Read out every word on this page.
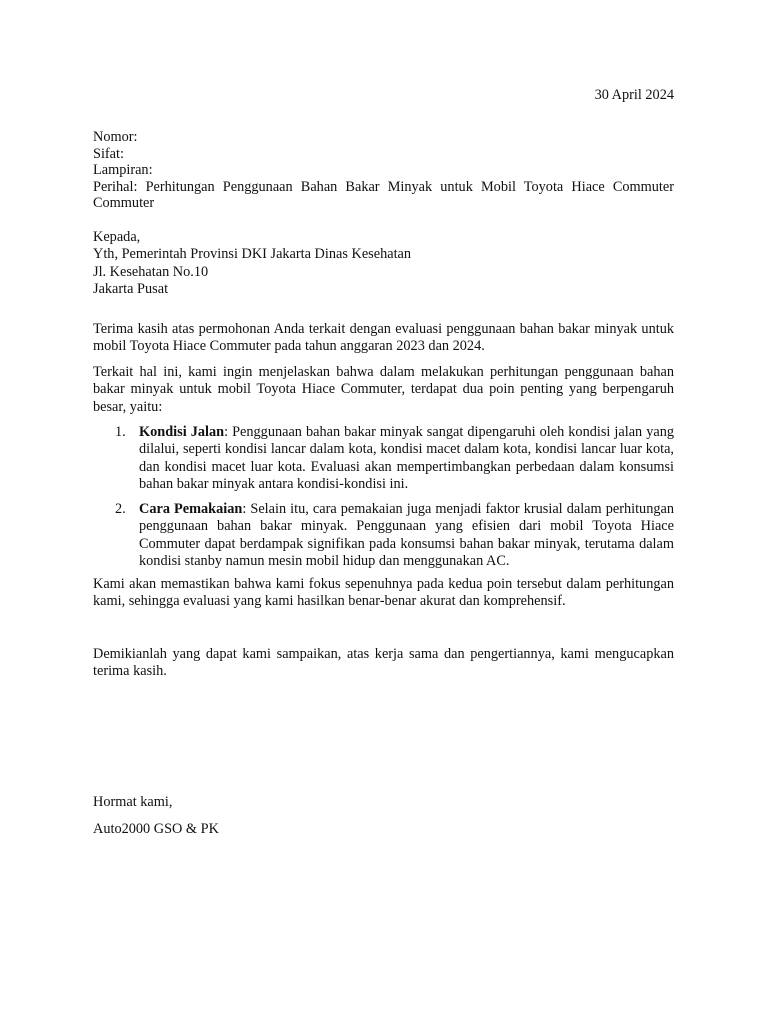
30 April 2024
Nomor:
Sifat:
Lampiran:
Perihal: Perhitungan Penggunaan Bahan Bakar Minyak untuk Mobil Toyota Hiace Commuter Commuter
Kepada,
Yth, Pemerintah Provinsi DKI Jakarta Dinas Kesehatan
Jl. Kesehatan No.10
Jakarta Pusat
Terima kasih atas permohonan Anda terkait dengan evaluasi penggunaan bahan bakar minyak untuk mobil Toyota Hiace Commuter pada tahun anggaran 2023 dan 2024.
Terkait hal ini, kami ingin menjelaskan bahwa dalam melakukan perhitungan penggunaan bahan bakar minyak untuk mobil Toyota Hiace Commuter, terdapat dua poin penting yang berpengaruh besar, yaitu:
1. Kondisi Jalan: Penggunaan bahan bakar minyak sangat dipengaruhi oleh kondisi jalan yang dilalui, seperti kondisi lancar dalam kota, kondisi macet dalam kota, kondisi lancar luar kota, dan kondisi macet luar kota. Evaluasi akan mempertimbangkan perbedaan dalam konsumsi bahan bakar minyak antara kondisi-kondisi ini.
2. Cara Pemakaian: Selain itu, cara pemakaian juga menjadi faktor krusial dalam perhitungan penggunaan bahan bakar minyak. Penggunaan yang efisien dari mobil Toyota Hiace Commuter dapat berdampak signifikan pada konsumsi bahan bakar minyak, terutama dalam kondisi stanby namun mesin mobil hidup dan menggunakan AC.
Kami akan memastikan bahwa kami fokus sepenuhnya pada kedua poin tersebut dalam perhitungan kami, sehingga evaluasi yang kami hasilkan benar-benar akurat dan komprehensif.
Demikianlah yang dapat kami sampaikan, atas kerja sama dan pengertiannya, kami mengucapkan terima kasih.
Hormat kami,
Auto2000 GSO & PK
